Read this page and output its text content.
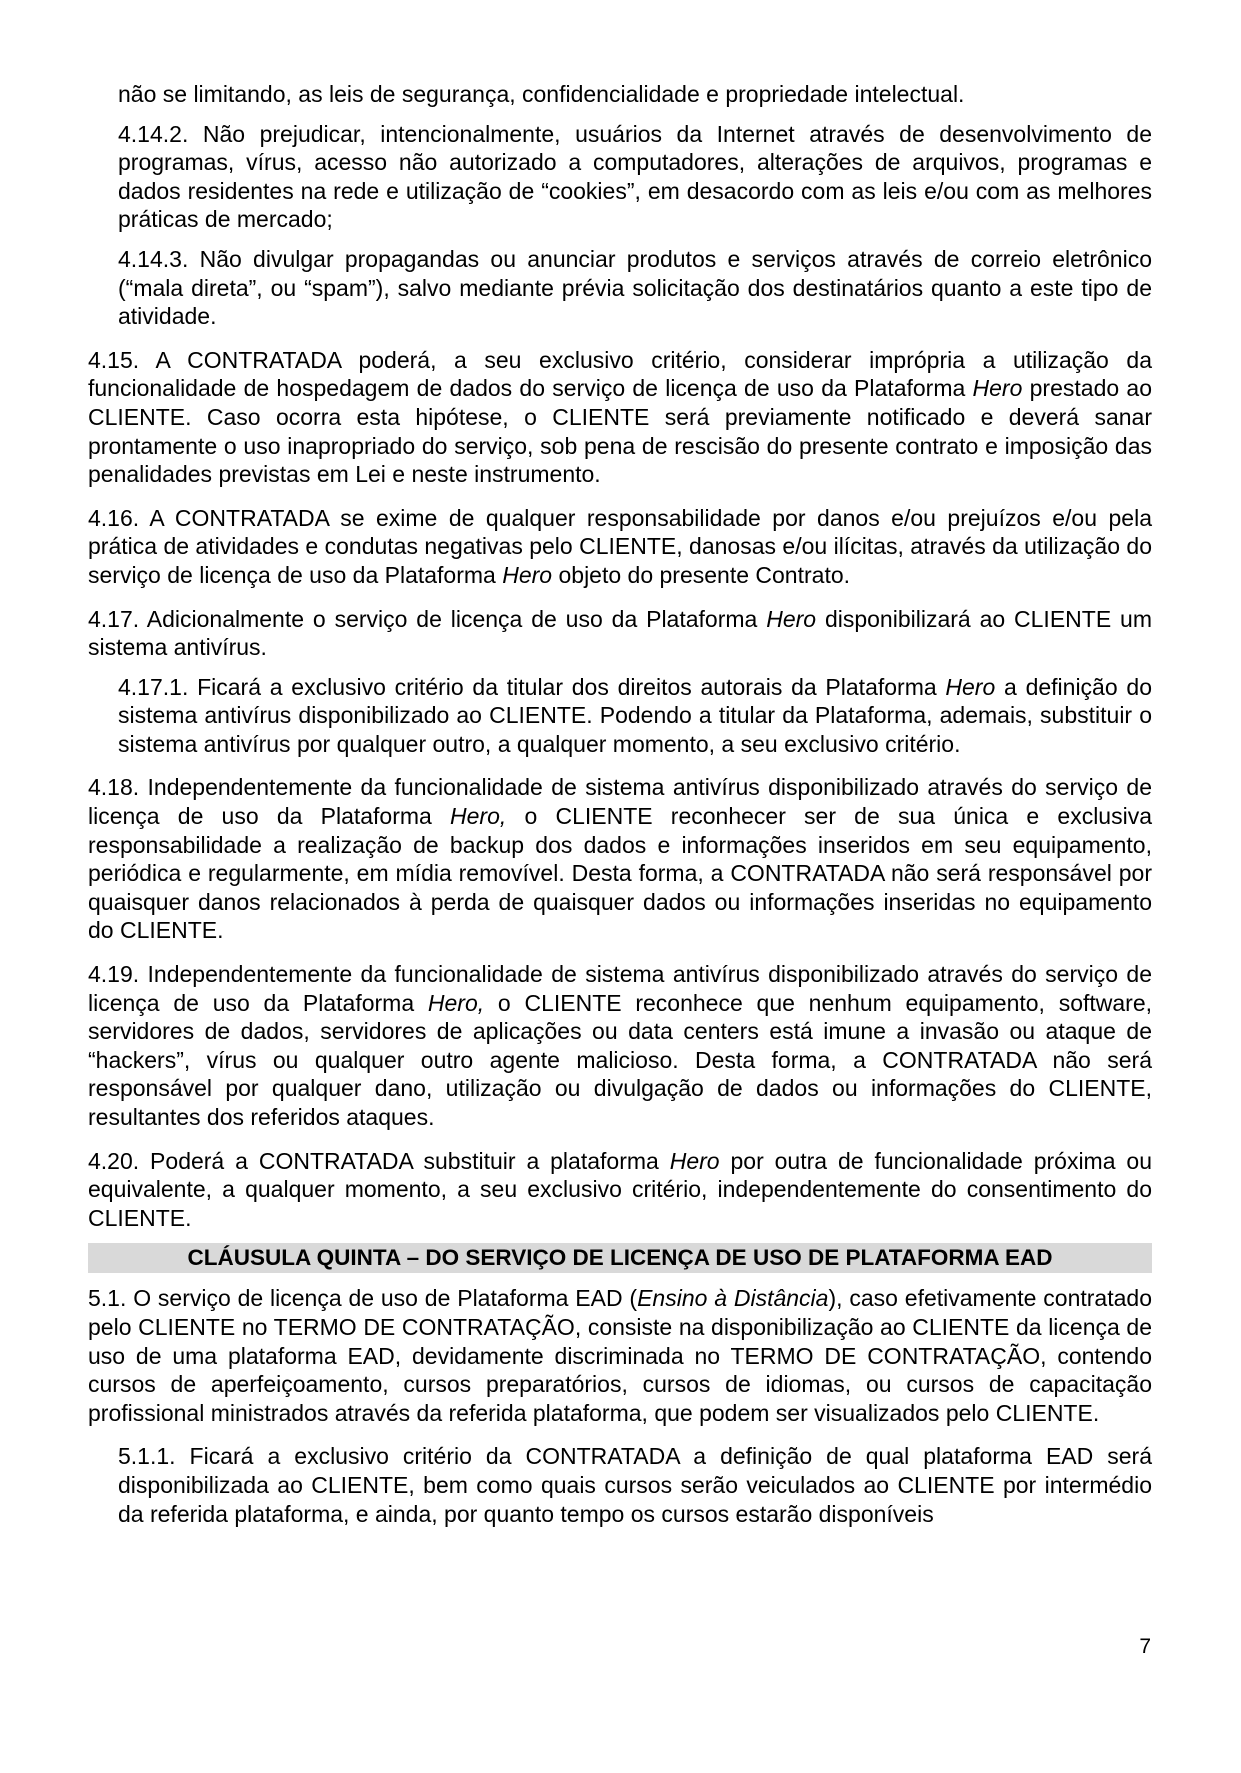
não se limitando, as leis de segurança, confidencialidade e propriedade intelectual.

4.14.2. Não prejudicar, intencionalmente, usuários da Internet através de desenvolvimento de programas, vírus, acesso não autorizado a computadores, alterações de arquivos, programas e dados residentes na rede e utilização de “cookies”, em desacordo com as leis e/ou com as melhores práticas de mercado;

4.14.3. Não divulgar propagandas ou anunciar produtos e serviços através de correio eletrônico (“mala direta”, ou “spam”), salvo mediante prévia solicitação dos destinatários quanto a este tipo de atividade.

4.15. A CONTRATADA poderá, a seu exclusivo critério, considerar imprópria a utilização da funcionalidade de hospedagem de dados do serviço de licença de uso da Plataforma Hero prestado ao CLIENTE. Caso ocorra esta hipótese, o CLIENTE será previamente notificado e deverá sanar prontamente o uso inapropriado do serviço, sob pena de rescisão do presente contrato e imposição das penalidades previstas em Lei e neste instrumento.

4.16. A CONTRATADA se exime de qualquer responsabilidade por danos e/ou prejuízos e/ou pela prática de atividades e condutas negativas pelo CLIENTE, danosas e/ou ilícitas, através da utilização do serviço de licença de uso da Plataforma Hero objeto do presente Contrato.

4.17. Adicionalmente o serviço de licença de uso da Plataforma Hero disponibilizará ao CLIENTE um sistema antivírus.

4.17.1. Ficará a exclusivo critério da titular dos direitos autorais da Plataforma Hero a definição do sistema antivírus disponibilizado ao CLIENTE. Podendo a titular da Plataforma, ademais, substituir o sistema antivírus por qualquer outro, a qualquer momento, a seu exclusivo critério.

4.18. Independentemente da funcionalidade de sistema antivírus disponibilizado através do serviço de licença de uso da Plataforma Hero, o CLIENTE reconhecer ser de sua única e exclusiva responsabilidade a realização de backup dos dados e informações inseridos em seu equipamento, periódica e regularmente, em mídia removível. Desta forma, a CONTRATADA não será responsável por quaisquer danos relacionados à perda de quaisquer dados ou informações inseridas no equipamento do CLIENTE.

4.19. Independentemente da funcionalidade de sistema antivírus disponibilizado através do serviço de licença de uso da Plataforma Hero, o CLIENTE reconhece que nenhum equipamento, software, servidores de dados, servidores de aplicações ou data centers está imune a invasão ou ataque de “hackers”, vírus ou qualquer outro agente malicioso. Desta forma, a CONTRATADA não será responsável por qualquer dano, utilização ou divulgação de dados ou informações do CLIENTE, resultantes dos referidos ataques.

4.20. Poderá a CONTRATADA substituir a plataforma Hero por outra de funcionalidade próxima ou equivalente, a qualquer momento, a seu exclusivo critério, independentemente do consentimento do CLIENTE.

CLÁUSULA QUINTA – DO SERVIÇO DE LICENÇA DE USO DE PLATAFORMA EAD

5.1. O serviço de licença de uso de Plataforma EAD (Ensino à Distância), caso efetivamente contratado pelo CLIENTE no TERMO DE CONTRATAÇÃO, consiste na disponibilização ao CLIENTE da licença de uso de uma plataforma EAD, devidamente discriminada no TERMO DE CONTRATAÇÃO, contendo cursos de aperfeiçoamento, cursos preparatórios, cursos de idiomas, ou cursos de capacitação profissional ministrados através da referida plataforma, que podem ser visualizados pelo CLIENTE.

5.1.1. Ficará a exclusivo critério da CONTRATADA a definição de qual plataforma EAD será disponibilizada ao CLIENTE, bem como quais cursos serão veiculados ao CLIENTE por intermédio da referida plataforma, e ainda, por quanto tempo os cursos estarão disponíveis

7
